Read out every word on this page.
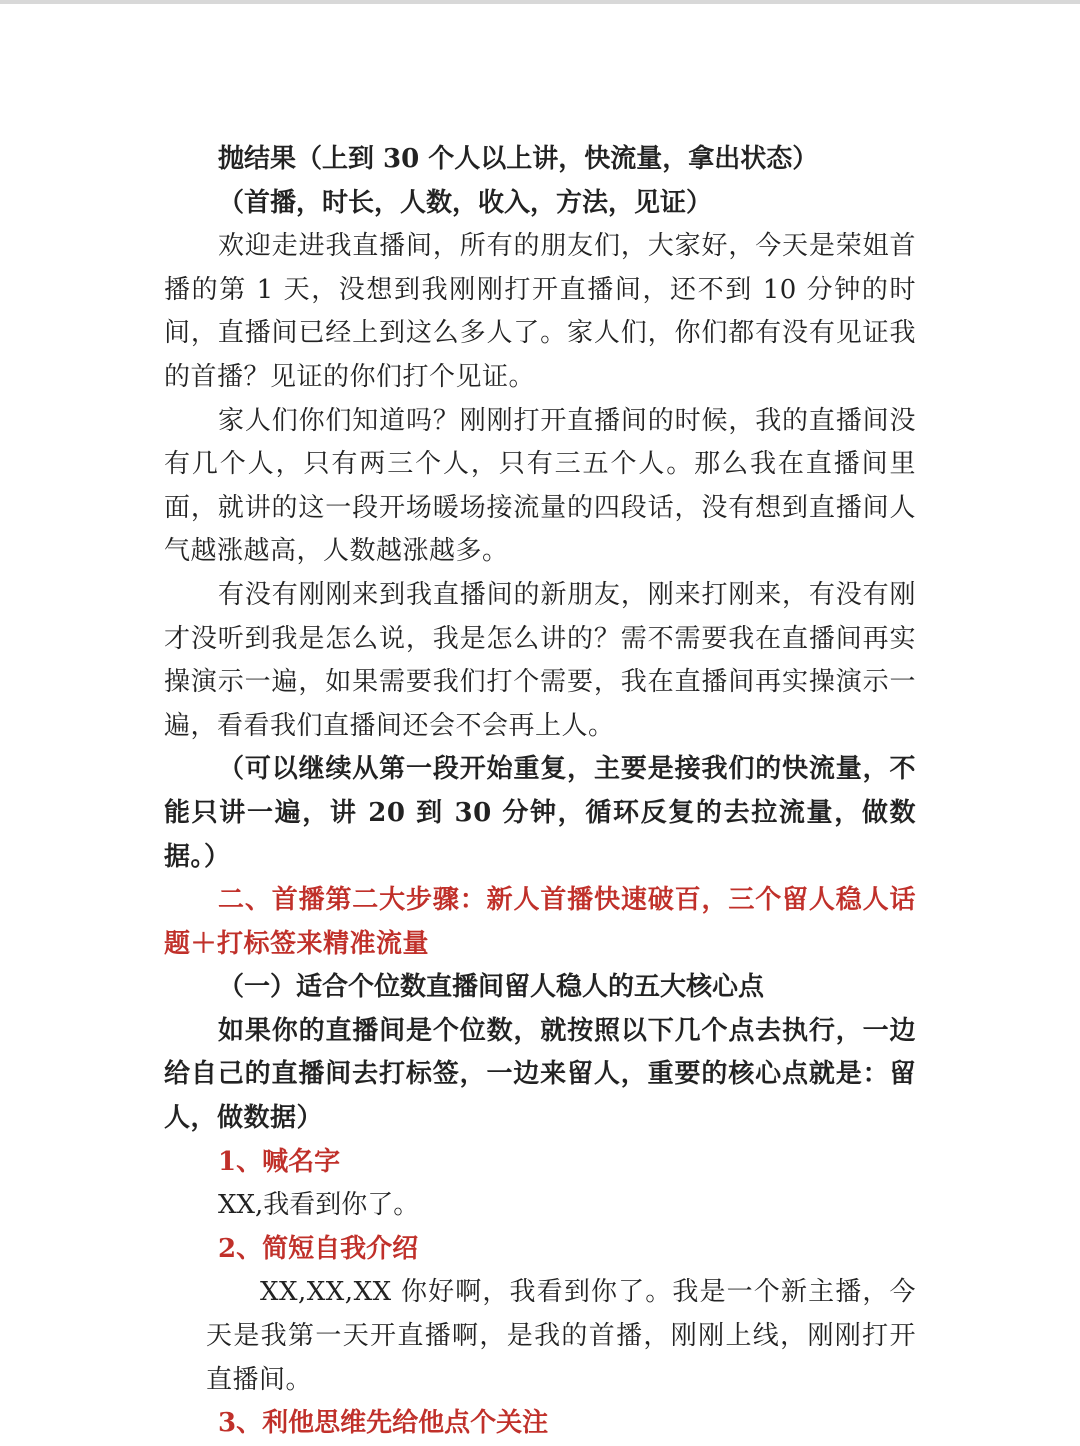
抛结果（上到 30 个人以上讲，快流量，拿出状态）

（首播，时长，人数，收入，方法，见证）

欢迎走进我直播间，所有的朋友们，大家好，今天是荣姐首播的第 1 天，没想到我刚刚打开直播间，还不到 10 分钟的时间，直播间已经上到这么多人了。家人们，你们都有没有见证我的首播？见证的你们打个见证。

家人们你们知道吗？刚刚打开直播间的时候，我的直播间没有几个人，只有两三个人，只有三五个人。那么我在直播间里面，就讲的这一段开场暖场接流量的四段话，没有想到直播间人气越涨越高，人数越涨越多。

有没有刚刚来到我直播间的新朋友，刚来打刚来，有没有刚才没听到我是怎么说，我是怎么讲的？需不需要我在直播间再实操演示一遍，如果需要我们打个需要，我在直播间再实操演示一遍，看看我们直播间还会不会再上人。

（可以继续从第一段开始重复，主要是接我们的快流量，不能只讲一遍，讲 20 到 30 分钟，循环反复的去拉流量，做数据。）

二、首播第二大步骤：新人首播快速破百，三个留人稳人话题＋打标签来精准流量

（一）适合个位数直播间留人稳人的五大核心点

如果你的直播间是个位数，就按照以下几个点去执行，一边给自己的直播间去打标签，一边来留人，重要的核心点就是：留人，做数据）

1、喊名字

XX,我看到你了。

2、简短自我介绍

XX,XX,XX 你好啊，我看到你了。我是一个新主播，今天是我第一天开直播啊，是我的首播，刚刚上线，刚刚打开直播间。

3、利他思维先给他点个关注
